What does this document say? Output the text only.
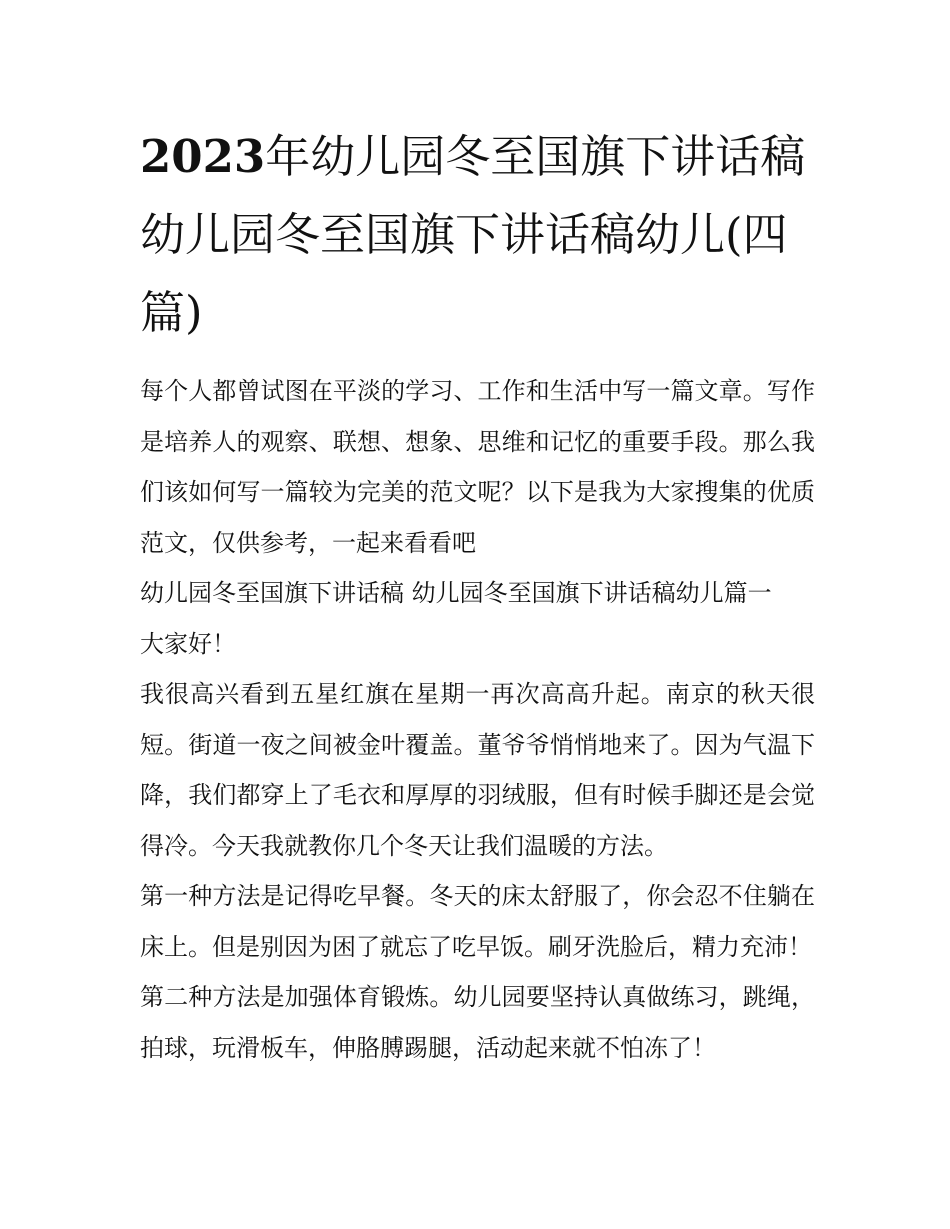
2023年幼儿园冬至国旗下讲话稿 幼儿园冬至国旗下讲话稿幼儿(四篇)

每个人都曾试图在平淡的学习、工作和生活中写一篇文章。写作是培养人的观察、联想、想象、思维和记忆的重要手段。那么我们该如何写一篇较为完美的范文呢？以下是我为大家搜集的优质范文，仅供参考，一起来看看吧

幼儿园冬至国旗下讲话稿 幼儿园冬至国旗下讲话稿幼儿篇一

大家好！

我很高兴看到五星红旗在星期一再次高高升起。南京的秋天很短。街道一夜之间被金叶覆盖。董爷爷悄悄地来了。因为气温下降，我们都穿上了毛衣和厚厚的羽绒服，但有时候手脚还是会觉得冷。今天我就教你几个冬天让我们温暖的方法。

第一种方法是记得吃早餐。冬天的床太舒服了，你会忍不住躺在床上。但是别因为困了就忘了吃早饭。刷牙洗脸后，精力充沛！

第二种方法是加强体育锻炼。幼儿园要坚持认真做练习，跳绳，拍球，玩滑板车，伸胳膊踢腿，活动起来就不怕冻了！
